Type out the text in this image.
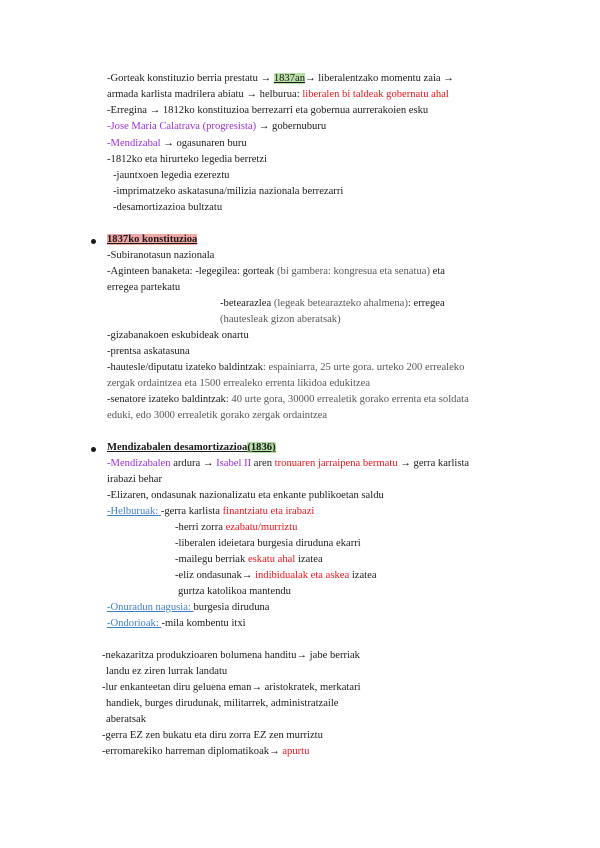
-Gorteak konstituzio berria prestatu → 1837an→ liberalentzako momentu zaia →
armada karlista madrilera abiatu → helburua: liberalen bi taldeak gobernatu ahal
-Erregina → 1812ko konstituzioa berrezarri eta gobernua aurrerakoien esku
-Jose Maria Calatrava (progresista) → gobernuburu
-Mendizabal → ogasunaren buru
-1812ko eta hirurteko legedia berretzi
-jauntxoen legedia ezereztu
-imprimatzeko askatasuna/milizia nazionala berrezarri
-desamortizazioa bultzatu
1837ko konstituzioa
-Subiranotasun nazionala
-Aginteen banaketa: -legegilea: gorteak (bi gambera: kongresua eta senatua) eta
erregea partekatu
-betearazlea (legeak betearazteko ahalmena): erregea
(hautesleak gizon aberatsak)
-gizabanakoen eskubideak onartu
-prentsa askatasuna
-hautesle/diputatu izateko baldintzak: espainiarra, 25 urte gora. urteko 200 errealeko
zergak ordaintzea eta 1500 errealeko errenta likidoa edukitzea
-senatore izateko baldintzak: 40 urte gora, 30000 errealetik gorako errenta eta soldata
eduki, edo 3000 errealetik gorako zergak ordaintzea
Mendizabalen desamortizazioa(1836)
-Mendizabalen ardura → Isabel II aren tronuaren jarraipena bermatu → gerra karlista
irabazi behar
-Elizaren, ondasunak nazionalizatu eta enkante publikoetan saldu
-Helburuak: -gerra karlista finantziatu eta irabazi
-herri zorra ezabatu/murriztu
-liberalen ideietara burgesia diruduna ekarri
-mailegu berriak eskatu ahal izatea
-eliz ondasunak→ indibidualak eta askea izatea
gurtza katolikoa mantendu
-Onuradun nagusia: burgesia diruduna
-Ondorioak: -mila kombentu itxi
-nekazaritza produkzioaren bolumena handitu→ jabe berriak
landu ez ziren lurrak landatu
-lur enkanteetan diru geluena eman→ aristokratek, merkatari
handiek, burges dirudunak, militarrek, administratzaile
aberatsak
-gerra EZ zen bukatu eta diru zorra EZ zen murriztu
-erromarekiko harreman diplomatikoak→ apurtu
